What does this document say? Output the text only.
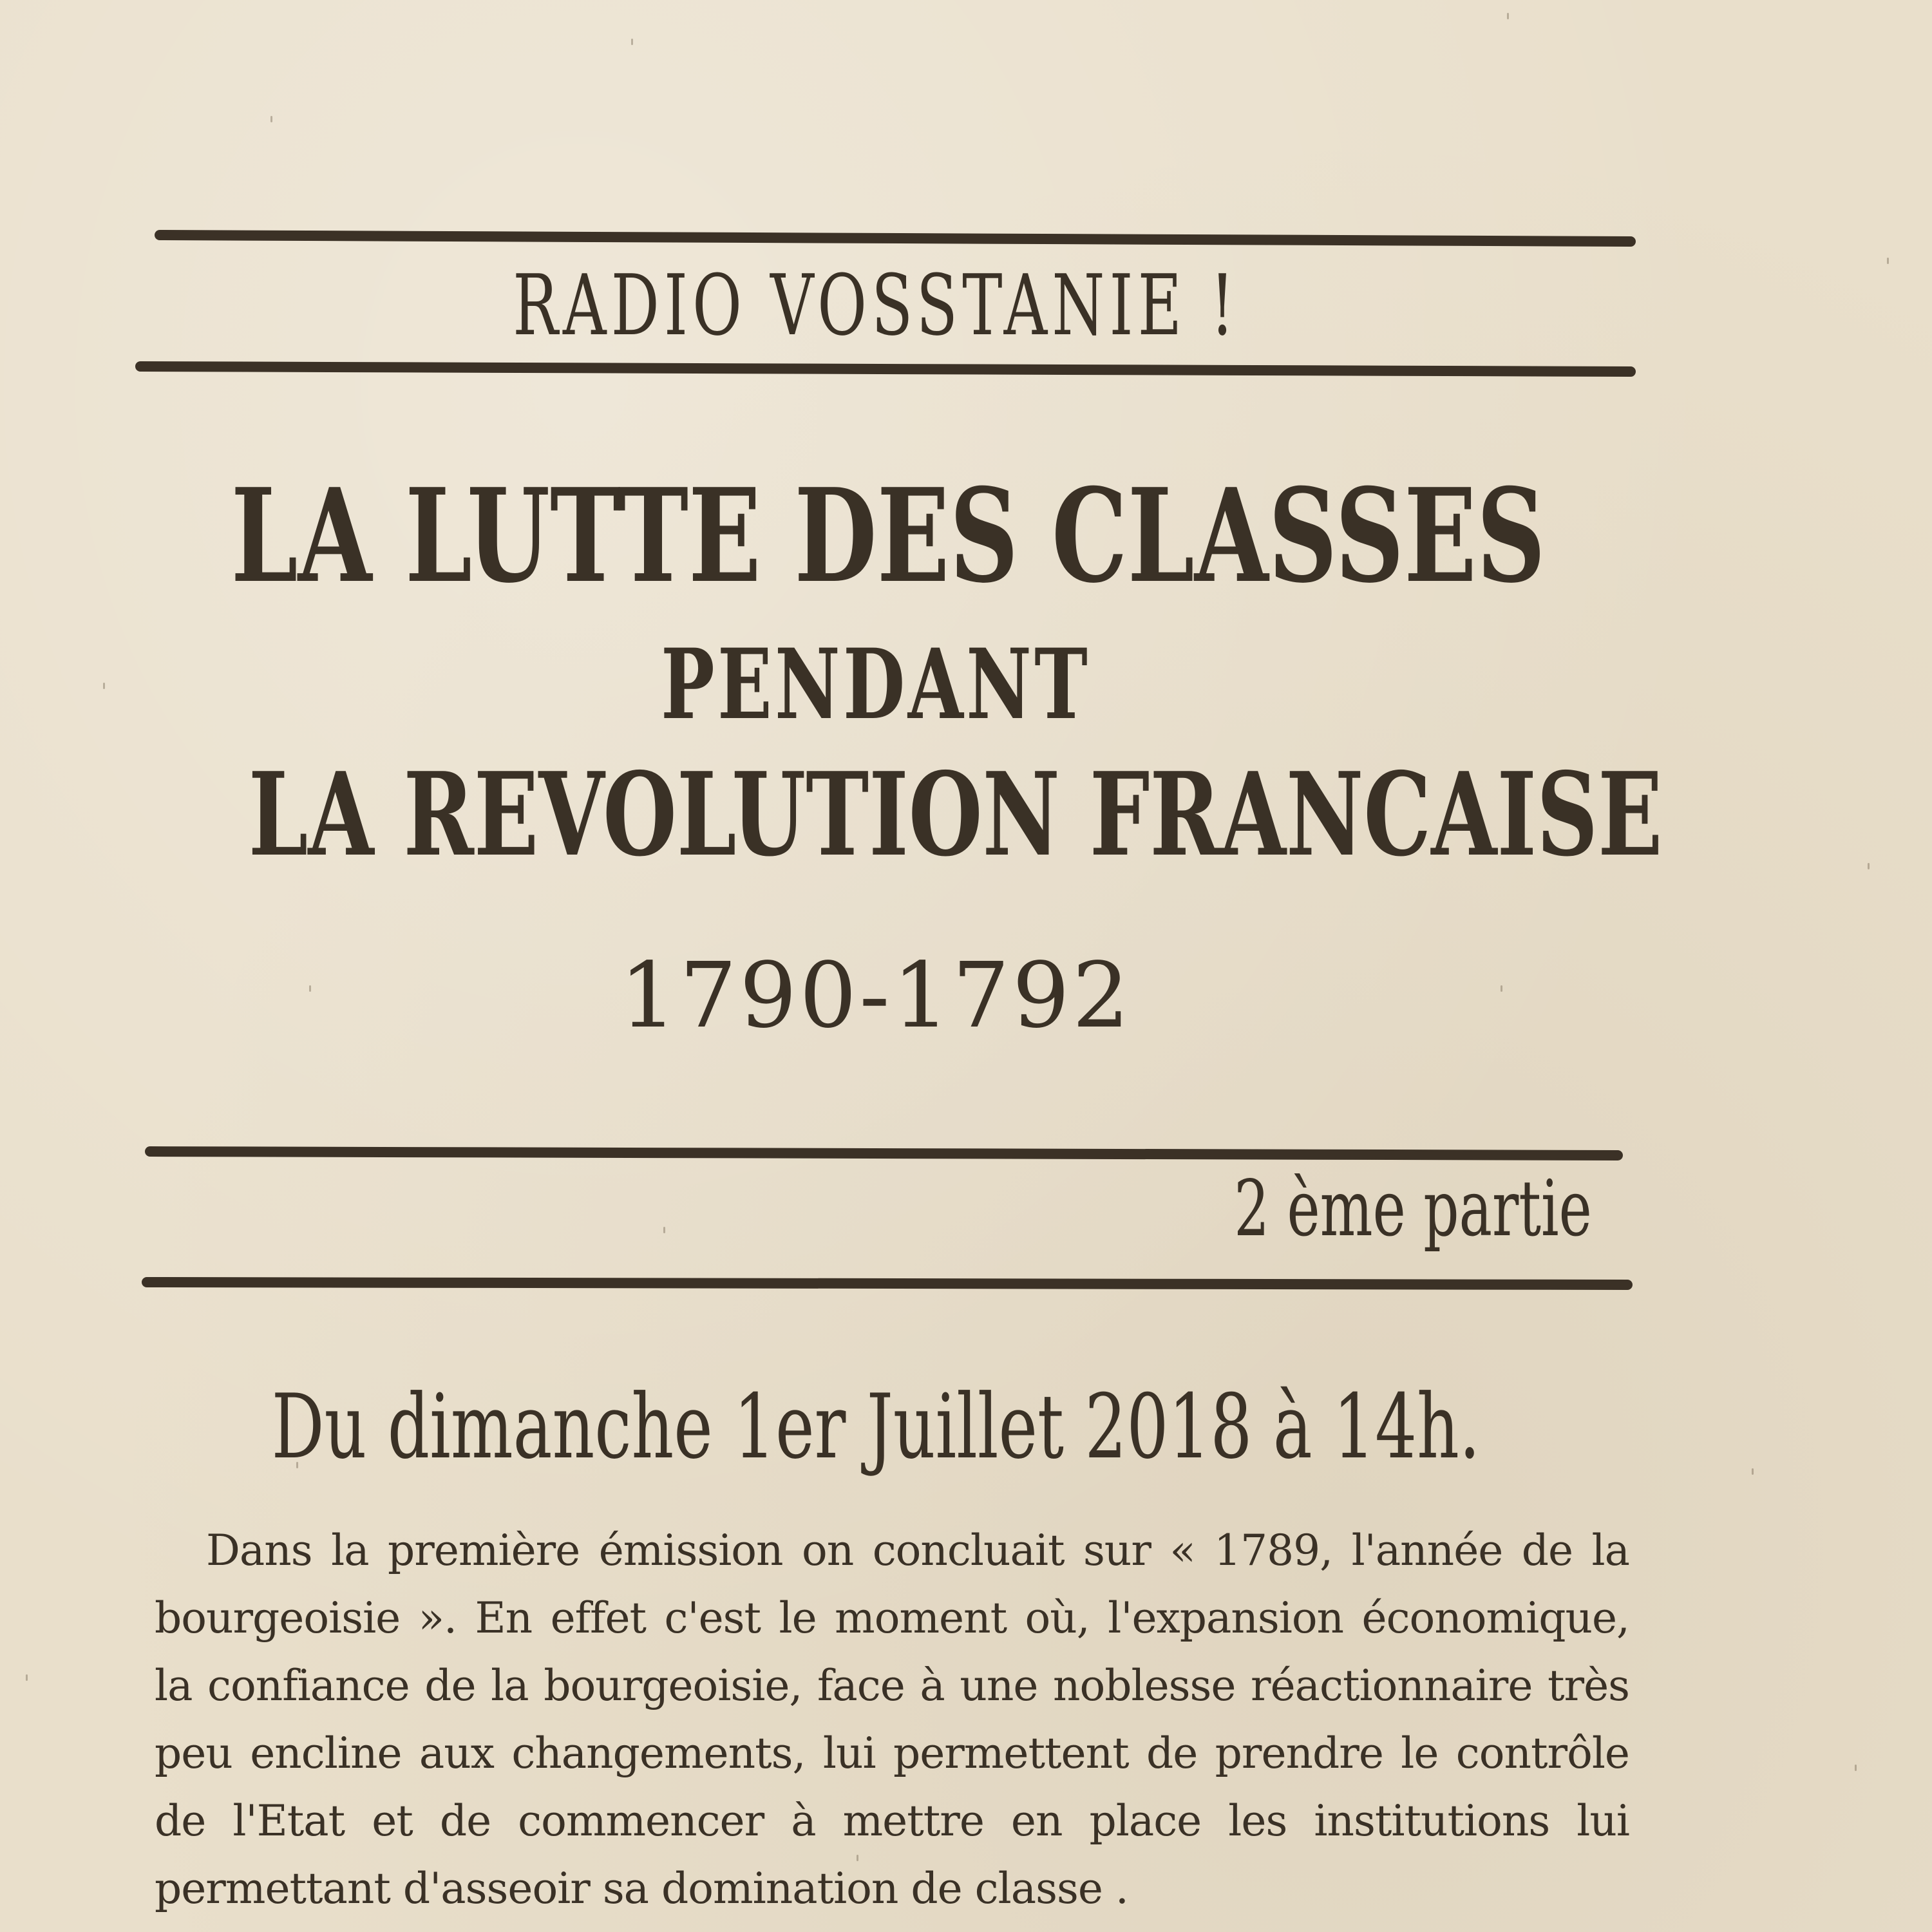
RADIO VOSSTANIE !
LA LUTTE DES CLASSES
PENDANT
LA REVOLUTION FRANCAISE
1790-1792
2 ème partie
Du dimanche 1er Juillet 2018 à 14h.
Dans la première émission on concluait sur « 1789, l'année de la bourgeoisie ». En effet c'est le moment où, l'expansion économique, la confiance de la bourgeoisie, face à une noblesse réactionnaire très peu encline aux changements, lui permettent de prendre le contrôle de l'Etat et de commencer à mettre en place les institutions lui permettant d'asseoir sa domination de classe .
